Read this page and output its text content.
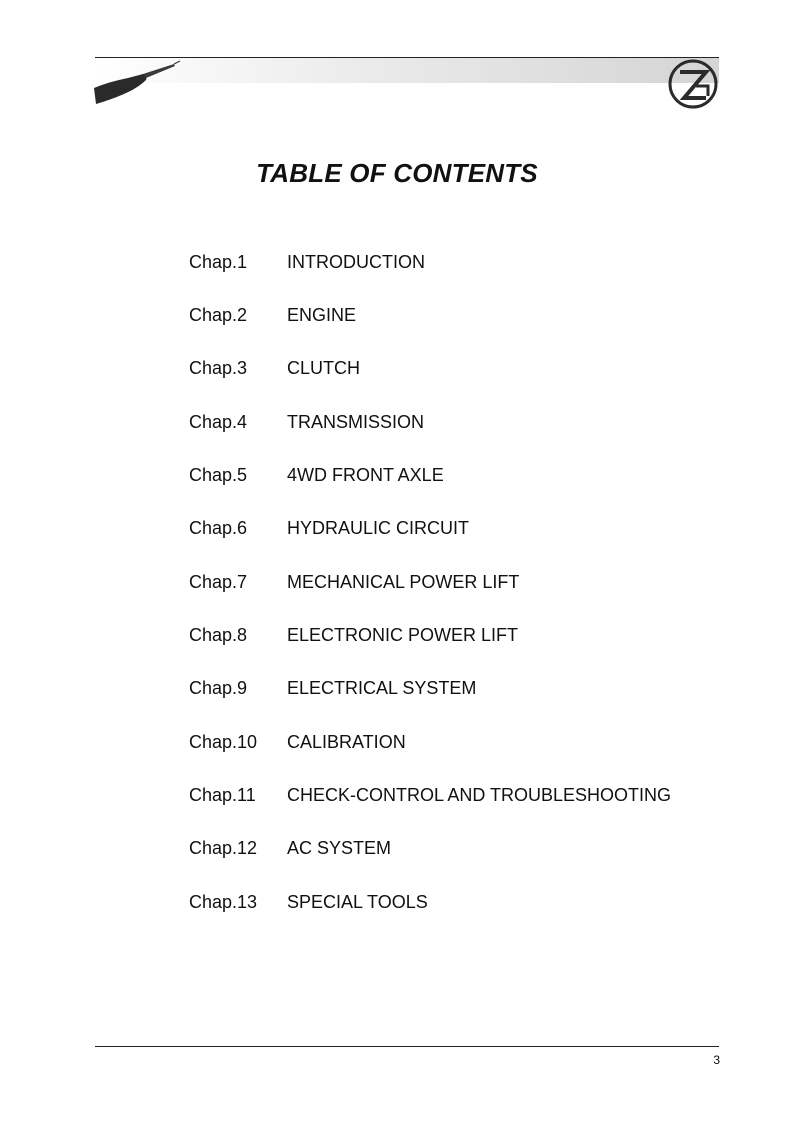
TABLE OF CONTENTS
Chap.1 INTRODUCTION
Chap.2 ENGINE
Chap.3 CLUTCH
Chap.4 TRANSMISSION
Chap.5 4WD FRONT AXLE
Chap.6 HYDRAULIC CIRCUIT
Chap.7 MECHANICAL POWER LIFT
Chap.8 ELECTRONIC POWER LIFT
Chap.9 ELECTRICAL SYSTEM
Chap.10 CALIBRATION
Chap.11 CHECK-CONTROL AND TROUBLESHOOTING
Chap.12 AC SYSTEM
Chap.13 SPECIAL TOOLS
3
